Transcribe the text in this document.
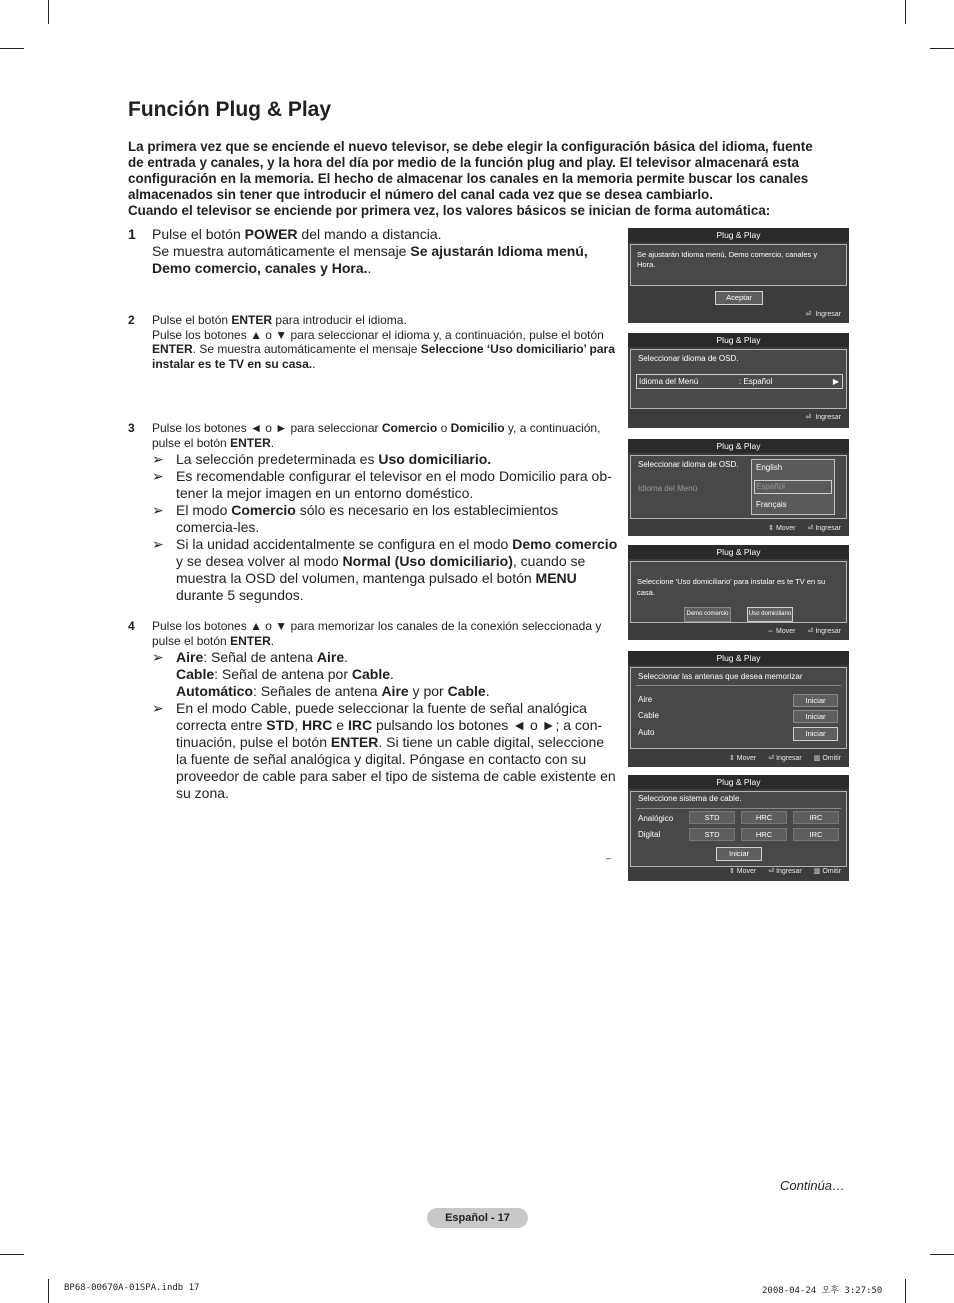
Función Plug & Play
La primera vez que se enciende el nuevo televisor, se debe elegir la configuración básica del idioma, fuente de entrada y canales, y la hora del día por medio de la función plug and play. El televisor almacenará esta configuración en la memoria. El hecho de almacenar los canales en la memoria permite buscar los canales almacenados sin tener que introducir el número del canal cada vez que se desea cambiarlo.
Cuando el televisor se enciende por primera vez, los valores básicos se inician de forma automática:
1 Pulse el botón POWER del mando a distancia.
Se muestra automáticamente el mensaje Se ajustarán Idioma menú, Demo comercio, canales y Hora..
2 Pulse el botón ENTER para introducir el idioma.
Pulse los botones ▲ o ▼ para seleccionar el idioma y, a continuación, pulse el botón ENTER. Se muestra automáticamente el mensaje Seleccione ‘Uso domiciliario’ para instalar es te TV en su casa..
3 Pulse los botones ◄ o ► para seleccionar Comercio o Domicilio y, a continuación, pulse el botón ENTER.
➢ La selección predeterminada es Uso domiciliario.
➢ Es recomendable configurar el televisor en el modo Domicilio para ob-tener la mejor imagen en un entorno doméstico.
➢ El modo Comercio sólo es necesario en los establecimientos comercia-les.
➢ Si la unidad accidentalmente se configura en el modo Demo comercio y se desea volver al modo Normal (Uso domiciliario), cuando se muestra la OSD del volumen, mantenga pulsado el botón MENU durante 5 segundos.
4 Pulse los botones ▲ o ▼ para memorizar los canales de la conexión seleccionada y pulse el botón ENTER.
➢ Aire: Señal de antena Aire.
Cable: Señal de antena por Cable.
Automático: Señales de antena Aire y por Cable.
➢ En el modo Cable, puede seleccionar la fuente de señal analógica correcta entre STD, HRC e IRC pulsando los botones ◄ o ►; a con-tinuación, pulse el botón ENTER. Si tiene un cable digital, seleccione la fuente de señal analógica y digital. Póngase en contacto con su proveedor de cable para saber el tipo de sistema de cable existente en su zona.
Plug & Play
Se ajustarán Idioma menú, Demo comercio, canales y Hora.
Aceptar
⏎ Ingresar
Plug & Play
Seleccionar idioma de OSD.
Idioma del Menú	: Español	▶
⏎ Ingresar
Plug & Play
Seleccionar idioma de OSD.
Idioma del Menú
English
Español
Français
⇕ Mover ⏎ Ingresar
Plug & Play
Seleccione 'Uso domiciliario' para instalar es te TV en su casa.
Demo comercio	Uso domiciliario
⇔ Mover ⏎ Ingresar
Plug & Play
Seleccionar las antenas que desea memorizar
Aire	Iniciar
Cable	Iniciar
Auto	Iniciar
⇕ Mover ⏎ Ingresar ▥ Omitir
Plug & Play
Seleccione sistema de cable.
Analógico	STD	HRC	IRC
Digital	STD	HRC	IRC
Iniciar
⇕ Mover ⏎ Ingresar ▥ Omitir
–
Continúa…
Español - 17
BP68-00670A-01SPA.indb 17	2008-04-24 오후 3:27:50
